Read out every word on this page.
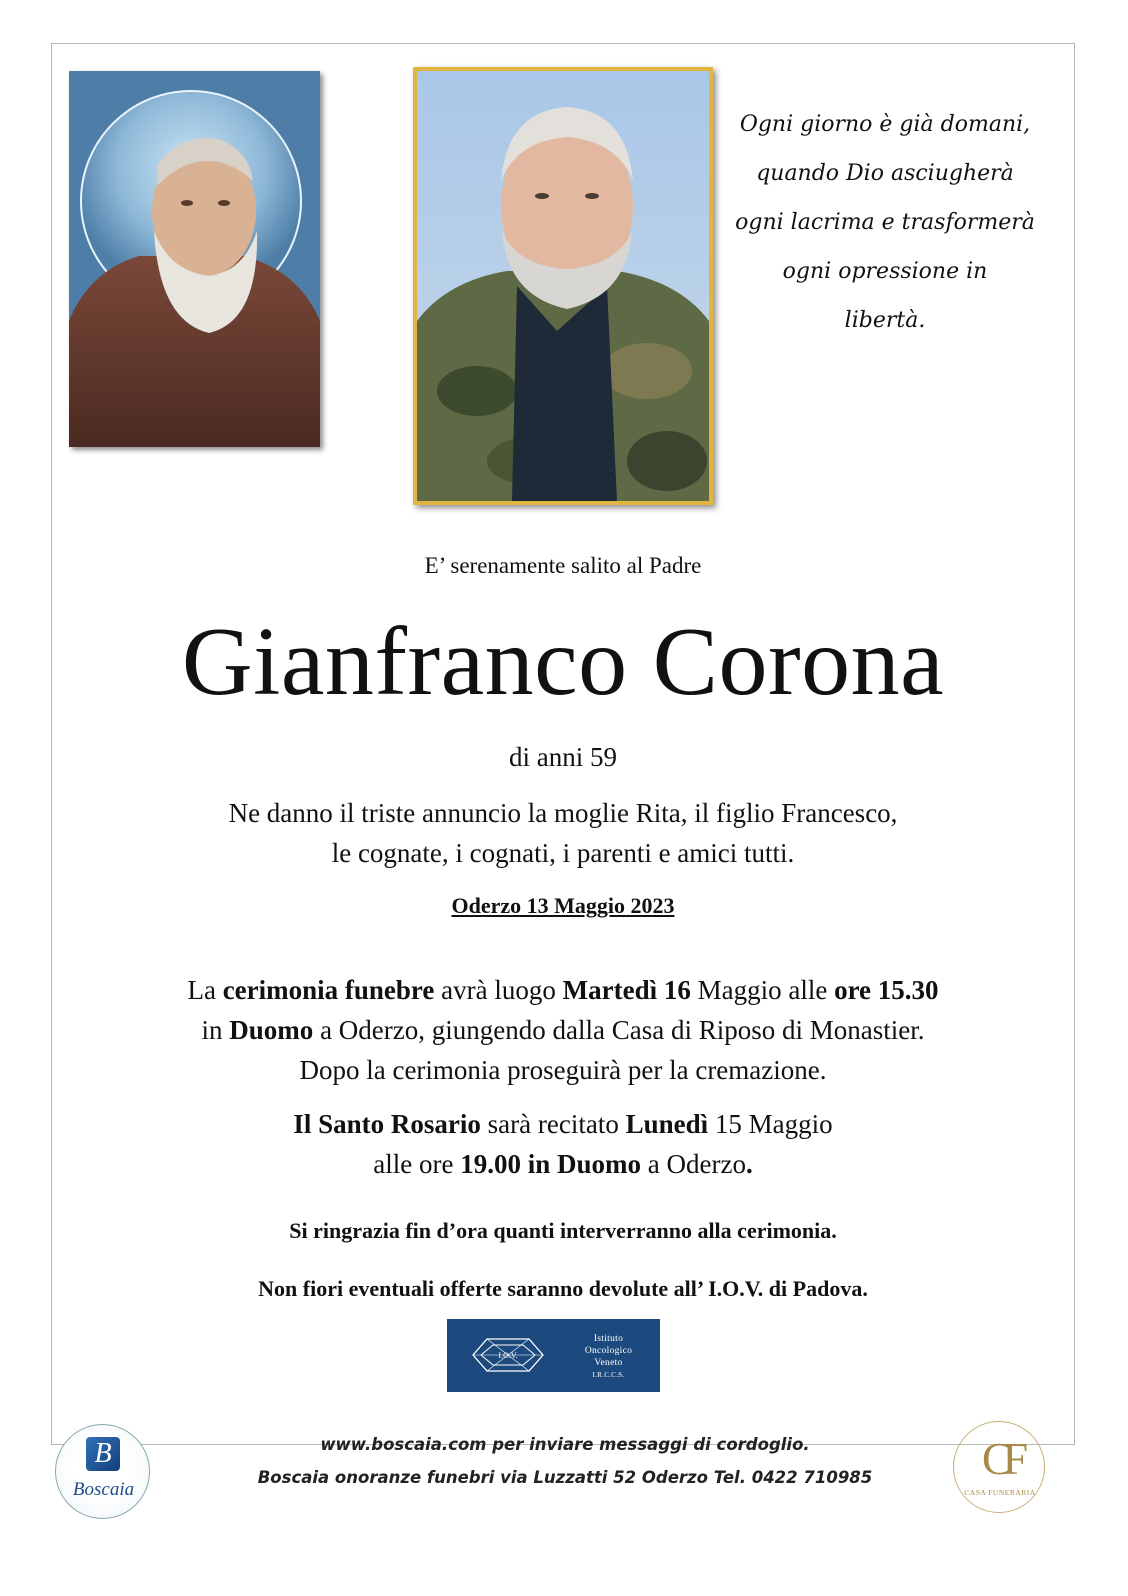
Ogni giorno è già domani,
quando Dio asciugherà
ogni lacrima e trasformerà
ogni opressione in
libertà.
E’ serenamente salito al Padre
Gianfranco Corona
di anni 59
Ne danno il triste annuncio la moglie Rita, il figlio Francesco,
le cognate, i cognati, i parenti e amici tutti.
Oderzo 13 Maggio 2023
La cerimonia funebre avrà luogo Martedì 16 Maggio alle ore 15.30
in Duomo a Oderzo, giungendo dalla Casa di Riposo di Monastier.
Dopo la cerimonia proseguirà per la cremazione.
Il Santo Rosario sarà recitato Lunedì 15 Maggio
alle ore 19.00 in Duomo a Oderzo.
Si ringrazia fin d’ora quanti interverranno alla cerimonia.
Non fiori eventuali offerte saranno devolute all’ I.O.V. di Padova.
I.O.V.
Istituto
Oncologico
Veneto
I.R.C.C.S.
B
Boscaia
www.boscaia.com per inviare messaggi di cordoglio.
Boscaia onoranze funebri via Luzzatti 52 Oderzo Tel. 0422 710985	CF
CASA FUNERARIA
